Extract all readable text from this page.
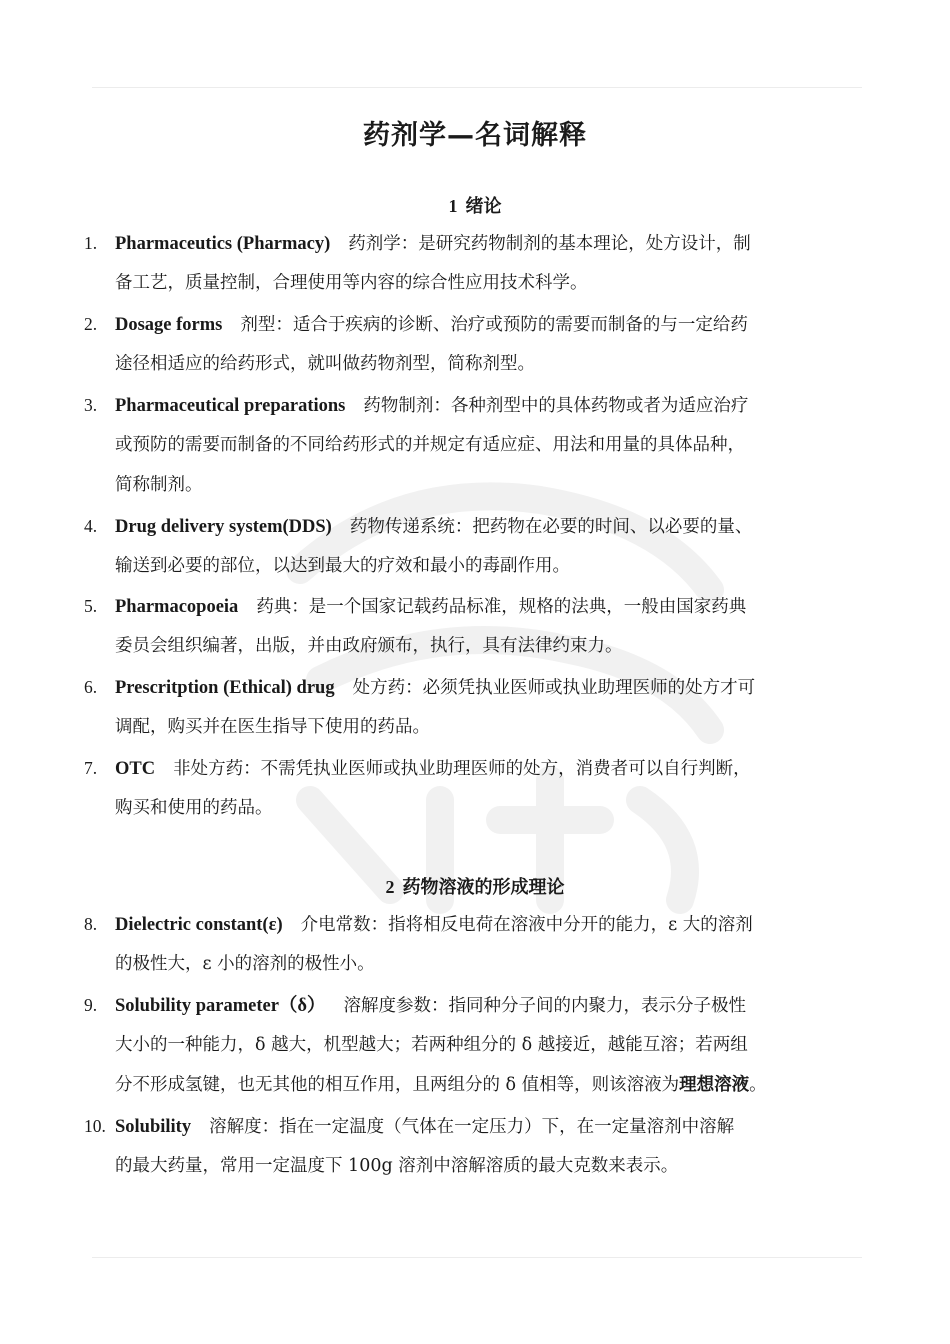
药剂学—名词解释
1 绪论
1. Pharmaceutics (Pharmacy) 药剂学：是研究药物制剂的基本理论，处方设计，制
备工艺，质量控制，合理使用等内容的综合性应用技术科学。
2. Dosage forms 剂型：适合于疾病的诊断、治疗或预防的需要而制备的与一定给药
途径相适应的给药形式，就叫做药物剂型，简称剂型。
3. Pharmaceutical preparations 药物制剂：各种剂型中的具体药物或者为适应治疗
或预防的需要而制备的不同给药形式的并规定有适应症、用法和用量的具体品种，
简称制剂。
4. Drug delivery system(DDS) 药物传递系统：把药物在必要的时间、以必要的量、
输送到必要的部位，以达到最大的疗效和最小的毒副作用。
5. Pharmacopoeia 药典：是一个国家记载药品标准，规格的法典，一般由国家药典
委员会组织编著，出版，并由政府颁布，执行，具有法律约束力。
6. Prescritption (Ethical) drug 处方药：必须凭执业医师或执业助理医师的处方才可
调配，购买并在医生指导下使用的药品。
7. OTC 非处方药：不需凭执业医师或执业助理医师的处方，消费者可以自行判断，
购买和使用的药品。
2 药物溶液的形成理论
8. Dielectric constant(ε) 介电常数：指将相反电荷在溶液中分开的能力，ε 大的溶剂
的极性大，ε 小的溶剂的极性小。
9. Solubility parameter（δ） 溶解度参数：指同种分子间的内聚力，表示分子极性
大小的一种能力，δ 越大，机型越大；若两种组分的 δ 越接近，越能互溶；若两组
分不形成氢键，也无其他的相互作用，且两组分的 δ 值相等，则该溶液为理想溶液。
10. Solubility 溶解度：指在一定温度（气体在一定压力）下，在一定量溶剂中溶解
的最大药量，常用一定温度下 100g 溶剂中溶解溶质的最大克数来表示。
